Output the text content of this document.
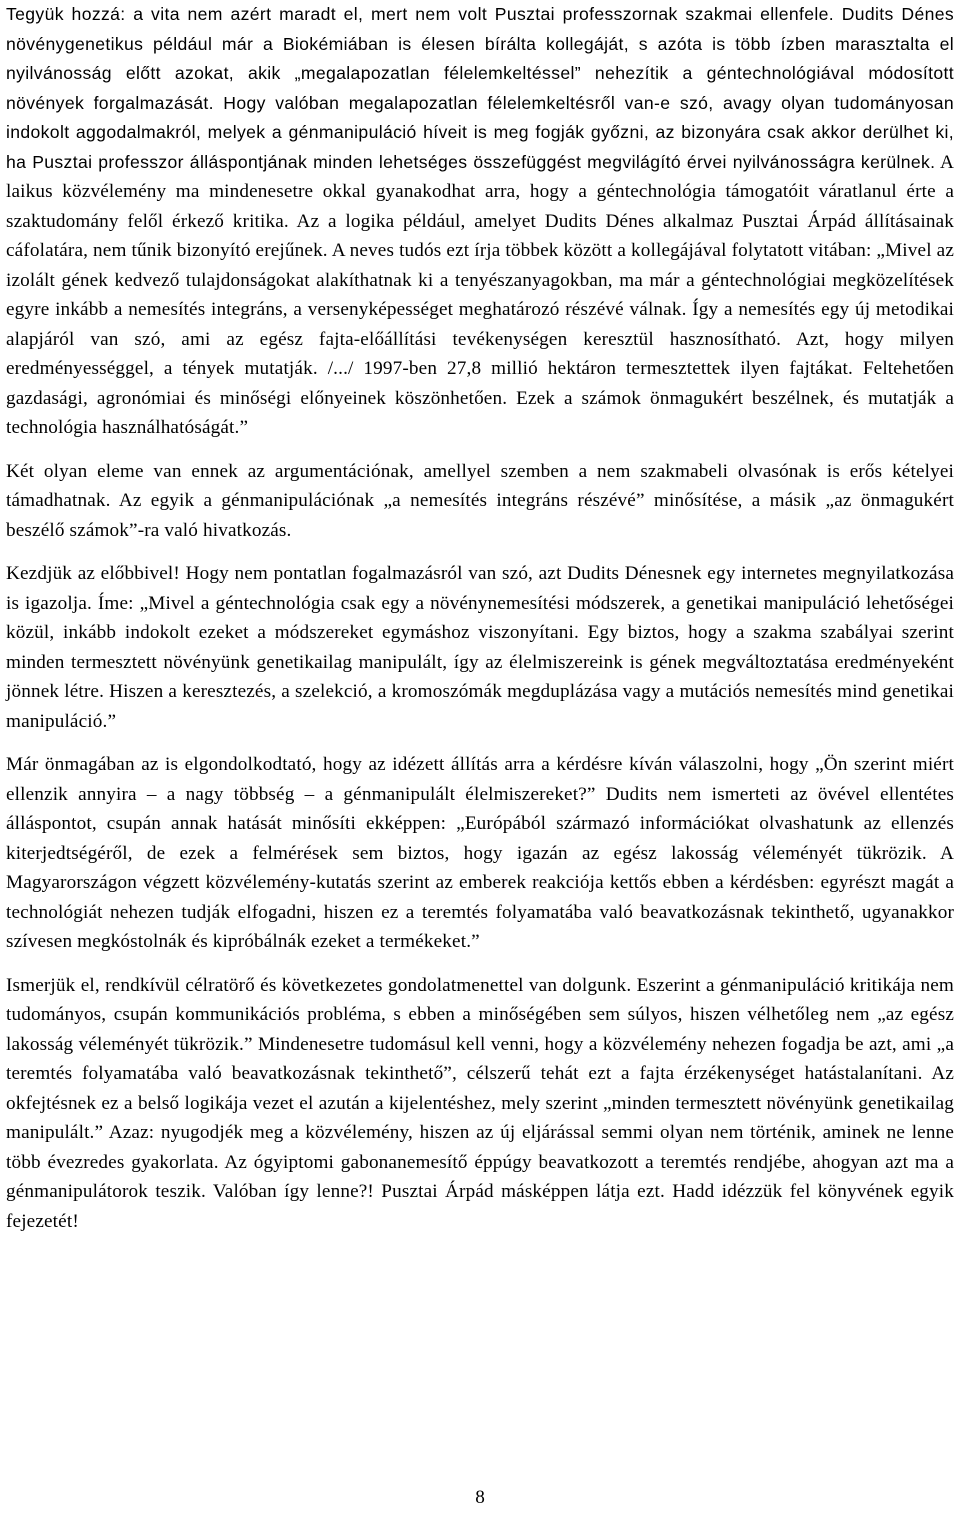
Tegyük hozzá: a vita nem azért maradt el, mert nem volt Pusztai professzornak szakmai ellenfele. Dudits Dénes növénygenetikus például már a Biokémiában is élesen bírálta kollegáját, s azóta is több ízben marasztalta el nyilvánosság előtt azokat, akik „megalapozatlan félelemkeltéssel” nehezítik a géntechnológiával módosított növények forgalmazását. Hogy valóban megalapozatlan félelemkeltésről van-e szó, avagy olyan tudományosan indokolt aggodalmakról, melyek a génmanipuláció híveit is meg fogják győzni, az bizonyára csak akkor derülhet ki, ha Pusztai professzor álláspontjának minden lehetséges összefüggést megvilágító érvei nyilvánosságra kerülnek. A laikus közvélemény ma mindenesetre okkal gyanakodhat arra, hogy a géntechnológia támogatóit váratlanul érte a szaktudomány felől érkező kritika. Az a logika például, amelyet Dudits Dénes alkalmaz Pusztai Árpád állításainak cáfolatára, nem tűnik bizonyító erejűnek. A neves tudós ezt írja többek között a kollegájával folytatott vitában: „Mivel az izolált gének kedvező tulajdonságokat alakíthatnak ki a tenyészanyagokban, ma már a géntechnológiai megközelítések egyre inkább a nemesítés integráns, a versenyképességet meghatározó részévé válnak. Így a nemesítés egy új metodikai alapjáról van szó, ami az egész fajta-előállítási tevékenységen keresztül hasznosítható. Azt, hogy milyen eredményességgel, a tények mutatják. /.../ 1997-ben 27,8 millió hektáron termesztettek ilyen fajtákat. Feltehetően gazdasági, agronómiai és minőségi előnyeinek köszönhetően. Ezek a számok önmagukért beszélnek, és mutatják a technológia használhatóságát.”

Két olyan eleme van ennek az argumentációnak, amellyel szemben a nem szakmabeli olvasónak is erős kételyei támadhatnak. Az egyik a génmanipulációnak „a nemesítés integráns részévé” minősítése, a másik „az önmagukért beszélő számok”-ra való hivatkozás.

Kezdjük az előbbivel! Hogy nem pontatlan fogalmazásról van szó, azt Dudits Dénesnek egy internetes megnyilatkozása is igazolja. Íme: „Mivel a géntechnológia csak egy a növénynemesítési módszerek, a genetikai manipuláció lehetőségei közül, inkább indokolt ezeket a módszereket egymáshoz viszonyítani. Egy biztos, hogy a szakma szabályai szerint minden termesztett növényünk genetikailag manipulált, így az élelmiszereink is gének megváltoztatása eredményeként jönnek létre. Hiszen a keresztezés, a szelekció, a kromoszómák megduplázása vagy a mutációs nemesítés mind genetikai manipuláció.”

Már önmagában az is elgondolkodtató, hogy az idézett állítás arra a kérdésre kíván válaszolni, hogy „Ön szerint miért ellenzik annyira – a nagy többség – a génmanipulált élelmiszereket?” Dudits nem ismerteti az övével ellentétes álláspontot, csupán annak hatását minősíti ekképpen: „Európából származó információkat olvashatunk az ellenzés kiterjedtségéről, de ezek a felmérések sem biztos, hogy igazán az egész lakosság véleményét tükrözik. A Magyarországon végzett közvélemény-kutatás szerint az emberek reakciója kettős ebben a kérdésben: egyrészt magát a technológiát nehezen tudják elfogadni, hiszen ez a teremtés folyamatába való beavatkozásnak tekinthető, ugyanakkor szívesen megkóstolnák és kipróbálnák ezeket a termékeket.”

Ismerjük el, rendkívül célratörő és következetes gondolatmenettel van dolgunk. Eszerint a génmanipuláció kritikája nem tudományos, csupán kommunikációs probléma, s ebben a minőségében sem súlyos, hiszen vélhetőleg nem „az egész lakosság véleményét tükrözik.” Mindenesetre tudomásul kell venni, hogy a közvélemény nehezen fogadja be azt, ami „a teremtés folyamatába való beavatkozásnak tekinthető”, célszerű tehát ezt a fajta érzékenységet hatástalanítani. Az okfejtésnek ez a belső logikája vezet el azután a kijelentéshez, mely szerint „minden termesztett növényünk genetikailag manipulált.” Azaz: nyugodjék meg a közvélemény, hiszen az új eljárással semmi olyan nem történik, aminek ne lenne több évezredes gyakorlata. Az ógyiptomi gabonanemesítő éppúgy beavatkozott a teremtés rendjébe, ahogyan azt ma a génmanipulátorok teszik. Valóban így lenne?! Pusztai Árpád másképpen látja ezt. Hadd idézzük fel könyvének egyik fejezetét!

8
